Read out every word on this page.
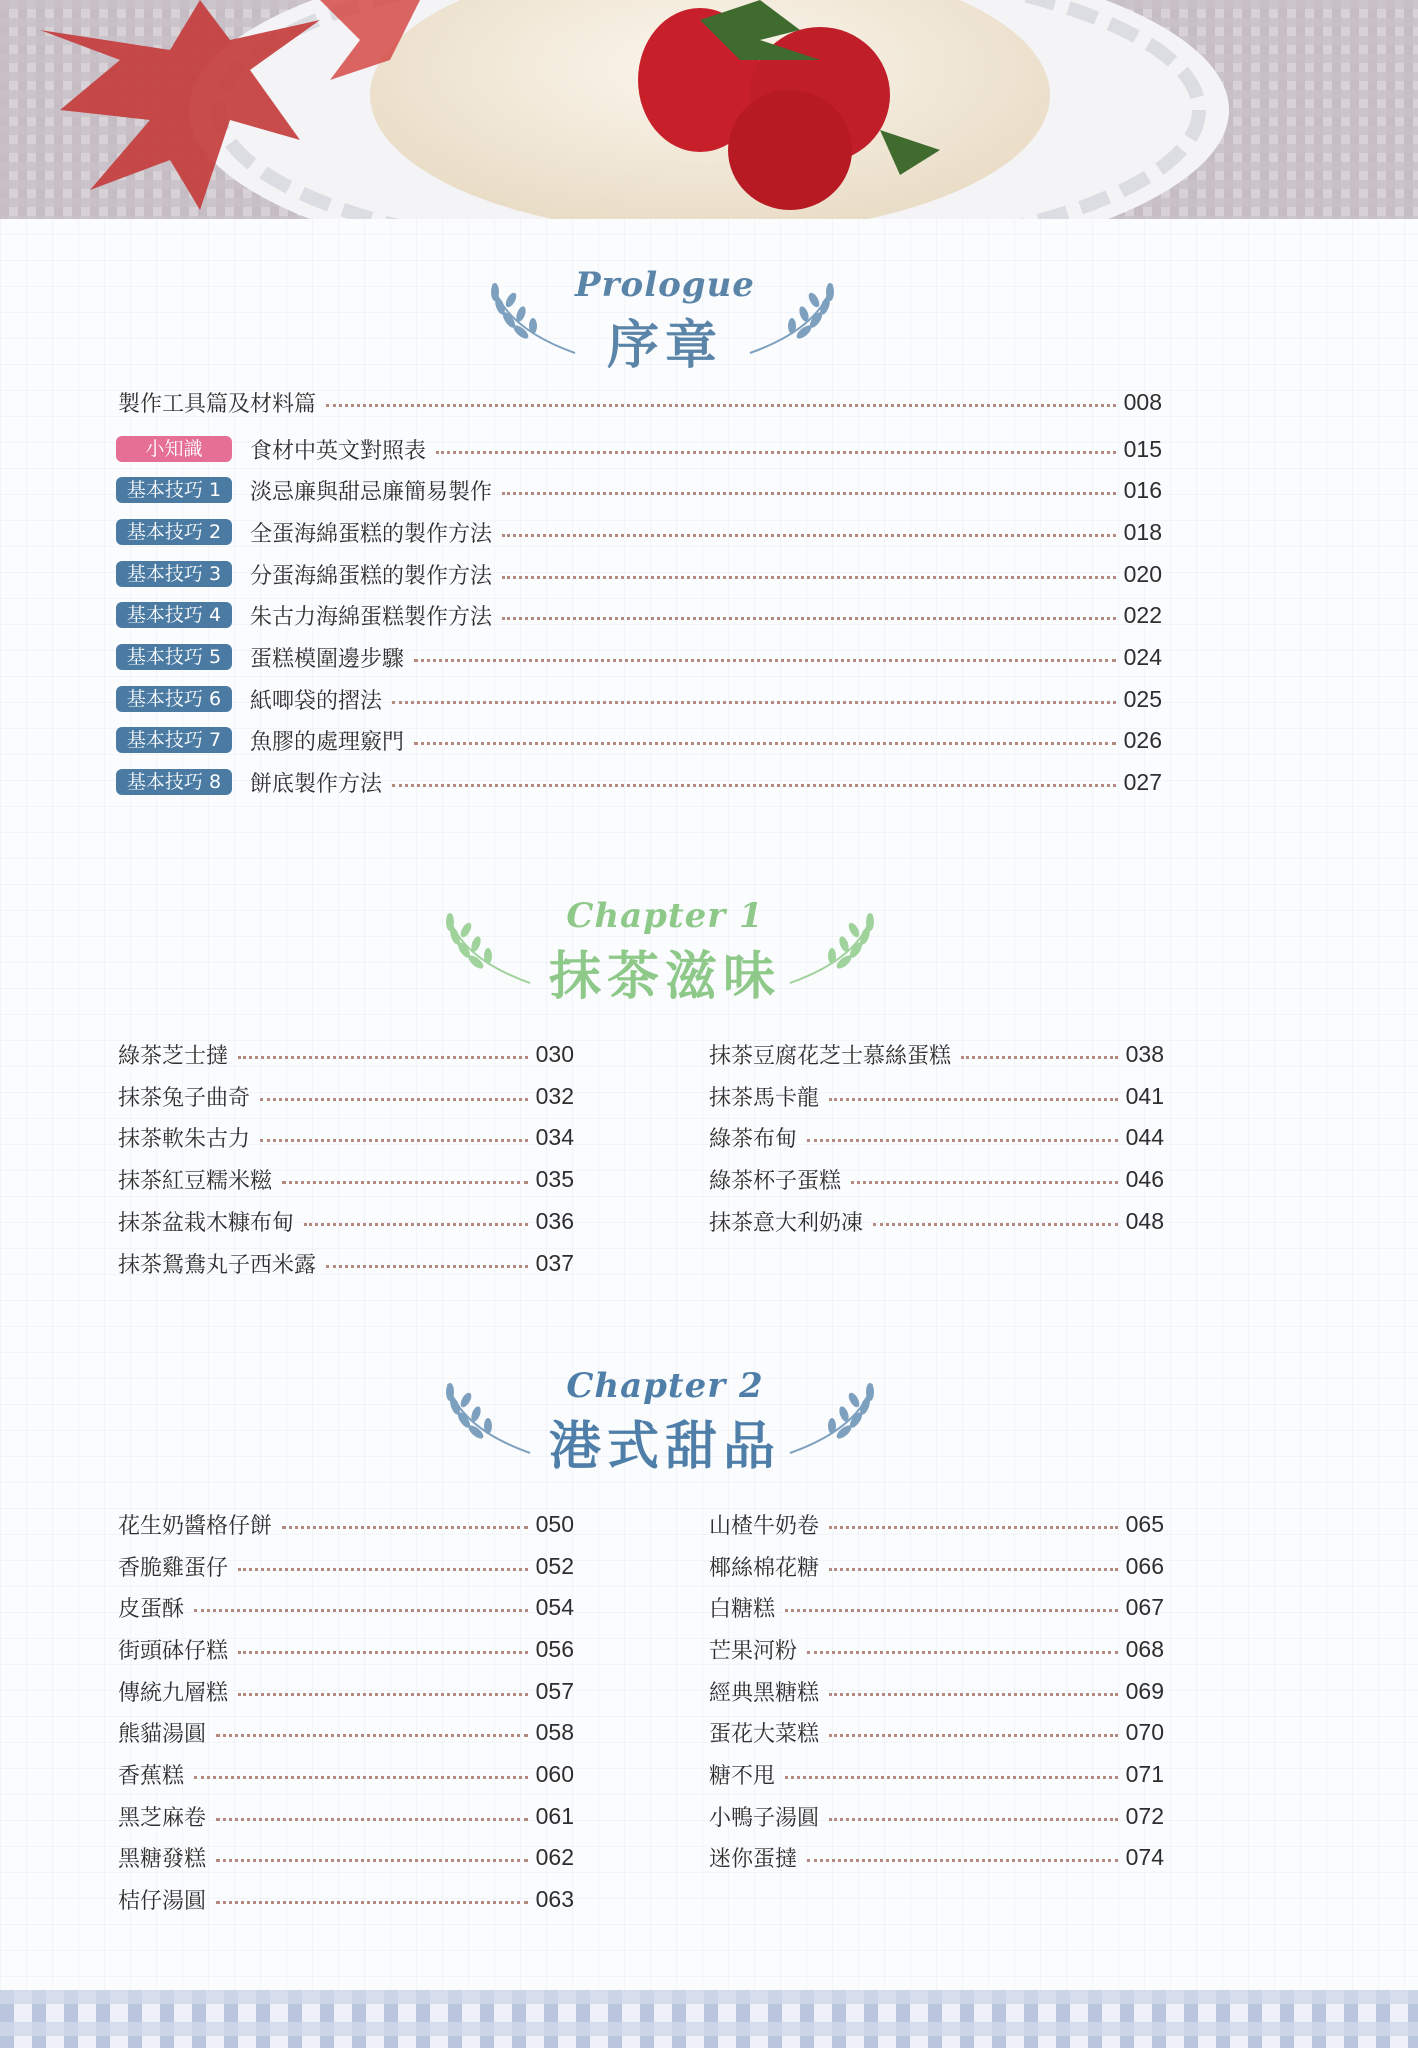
Prologue
序章
製作工具篇及材料篇	008
小知識	食材中英文對照表	015
基本技巧 1	淡忌廉與甜忌廉簡易製作	016
基本技巧 2	全蛋海綿蛋糕的製作方法	018
基本技巧 3	分蛋海綿蛋糕的製作方法	020
基本技巧 4	朱古力海綿蛋糕製作方法	022
基本技巧 5	蛋糕模圍邊步驟	024
基本技巧 6	紙唧袋的摺法	025
基本技巧 7	魚膠的處理竅門	026
基本技巧 8	餅底製作方法	027
Chapter 1
抹茶滋味
綠茶芝士撻	030
抹茶兔子曲奇	032
抹茶軟朱古力	034
抹茶紅豆糯米糍	035
抹茶盆栽木糠布甸	036
抹茶鴛鴦丸子西米露	037
抹茶豆腐花芝士慕絲蛋糕	038
抹茶馬卡龍	041
綠茶布甸	044
綠茶杯子蛋糕	046
抹茶意大利奶凍	048
Chapter 2
港式甜品
花生奶醬格仔餅	050
香脆雞蛋仔	052
皮蛋酥	054
街頭砵仔糕	056
傳統九層糕	057
熊貓湯圓	058
香蕉糕	060
黑芝麻卷	061
黑糖發糕	062
桔仔湯圓	063
山楂牛奶卷	065
椰絲棉花糖	066
白糖糕	067
芒果河粉	068
經典黑糖糕	069
蛋花大菜糕	070
糖不甩	071
小鴨子湯圓	072
迷你蛋撻	074
